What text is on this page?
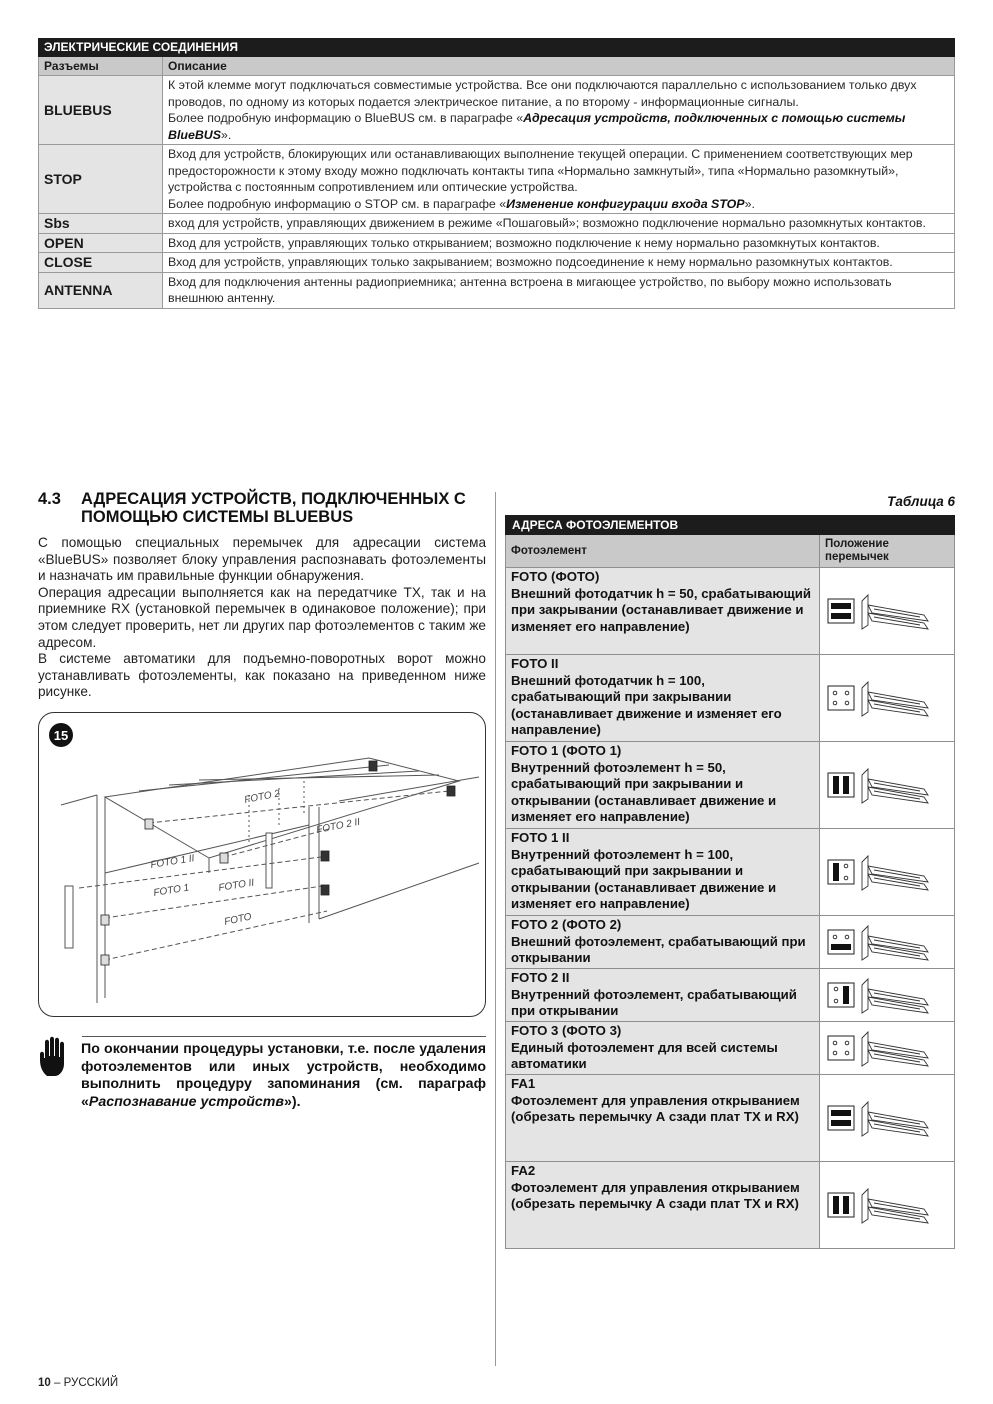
ЭЛЕКТРИЧЕСКИЕ СОЕДИНЕНИЯ	
Разъемы	Описание
BLUEBUS	К этой клемме могут подключаться совместимые устройства. Все они подключаются параллельно с использованием только двух проводов, по одному из которых подается электрическое питание, а по второму - информационные сигналы.
Более подробную информацию о BlueBUS см. в параграфе «Адресация устройств, подключенных с помощью системы BlueBUS».
STOP	Вход для устройств, блокирующих или останавливающих выполнение текущей операции. С применением соответствующих мер предосторожности к этому входу можно подключать контакты типа «Нормально замкнутый», типа «Нормально разомкнутый», устройства с постоянным сопротивлением или оптические устройства.
Более подробную информацию о STOP см. в параграфе «Изменение конфигурации входа STOP».
Sbs	вход для устройств, управляющих движением в режиме «Пошаговый»; возможно подключение нормально разомкнутых контактов.
OPEN	Вход для устройств, управляющих только открыванием; возможно подключение к нему нормально разомкнутых контактов.
CLOSE	Вход для устройств, управляющих только закрыванием; возможно подсоединение к нему нормально разомкнутых контактов.
ANTENNA	Вход для подключения антенны радиоприемника; антенна встроена в мигающее устройство, по выбору можно использовать внешнюю антенну.
4.3 АДРЕСАЦИЯ УСТРОЙСТВ, ПОДКЛЮЧЕННЫХ С ПОМОЩЬЮ СИСТЕМЫ BLUEBUS

С помощью специальных перемычек для адресации система «BlueBUS» позволяет блоку управления распознавать фотоэлементы и назначать им правильные функции обнаружения.

Операция адресации выполняется как на передатчике TX, так и на приемнике RX (установкой перемычек в одинаковое положение); при этом следует проверить, нет ли других пар фотоэлементов с таким же адресом.

В системе автоматики для подъемно-поворотных ворот можно устанавливать фотоэлементы, как показано на приведенном ниже рисунке.

15
FOTO 2
FOTO 2 II
FOTO 1 II
FOTO 1	FOTO II
FOTO
По окончании процедуры установки, т.е. после удаления фотоэлементов или иных устройств, необходимо выполнить процедуру запоминания (см. параграф «Распознавание устройств»).
Таблица 6
АДРЕСА ФОТОЭЛЕМЕНТОВ	
Фотоэлемент	Положение перемычек

FOTO (ФОТО)
Внешний фотодатчик h = 50, срабатывающий при закрывании (останавливает движение и изменяет его направление)

FOTO II
Внешний фотодатчик h = 100, срабатывающий при закрывании (останавливает движение и изменяет его направление)

FOTO 1 (ФОТО 1)
Внутренний фотоэлемент h = 50, срабатывающий при закрывании и открывании (останавливает движение и изменяет его направление)

FOTO 1 II
Внутренний фотоэлемент h = 100, срабатывающий при закрывании и открывании (останавливает движение и изменяет его направление)

FOTO 2 (ФОТО 2)
Внешний фотоэлемент, срабатывающий при открывании

FOTO 2 II
Внутренний фотоэлемент, срабатывающий при открывании

FOTO 3 (ФОТО 3)
Единый фотоэлемент для всей системы автоматики

FA1
Фотоэлемент для управления открыванием
(обрезать перемычку А сзади плат TX и RX)

FA2
Фотоэлемент для управления открыванием
(обрезать перемычку А сзади плат TX и RX)

10 – РУССКИЙ
